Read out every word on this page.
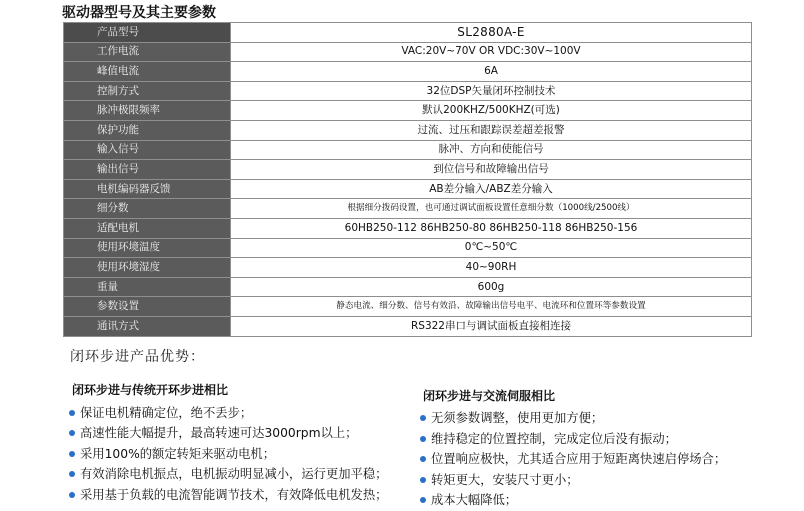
驱动器型号及其主要参数
产品型号	SL2880A-E
工作电流	VAC:20V~70V OR VDC:30V~100V
峰值电流	6A
控制方式	32位DSP矢量闭环控制技术
脉冲极限频率	默认200KHZ/500KHZ(可选)
保护功能	过流、过压和跟踪误差超差报警
输入信号	脉冲、方向和使能信号
输出信号	到位信号和故障输出信号
电机编码器反馈	AB差分输入/ABZ差分输入
细分数	根据细分拨码设置，也可通过调试面板设置任意细分数（1000线/2500线）
适配电机	60HB250-112 86HB250-80 86HB250-118 86HB250-156
使用环境温度	0℃~50℃
使用环境湿度	40~90RH
重量	600g
参数设置	静态电流、细分数、信号有效沿、故障输出信号电平、电流环和位置环等参数设置
通讯方式	RS322串口与调试面板直接相连接
闭环步进产品优势：
闭环步进与传统开环步进相比
保证电机精确定位，绝不丢步；
高速性能大幅提升，最高转速可达3000rpm以上；
采用100%的额定转矩来驱动电机；
有效消除电机振点，电机振动明显减小，运行更加平稳；
采用基于负载的电流智能调节技术，有效降低电机发热；
闭环步进与交流伺服相比
无须参数调整，使用更加方便；
维持稳定的位置控制，完成定位后没有振动；
位置响应极快，尤其适合应用于短距离快速启停场合；
转矩更大，安装尺寸更小；
成本大幅降低；
